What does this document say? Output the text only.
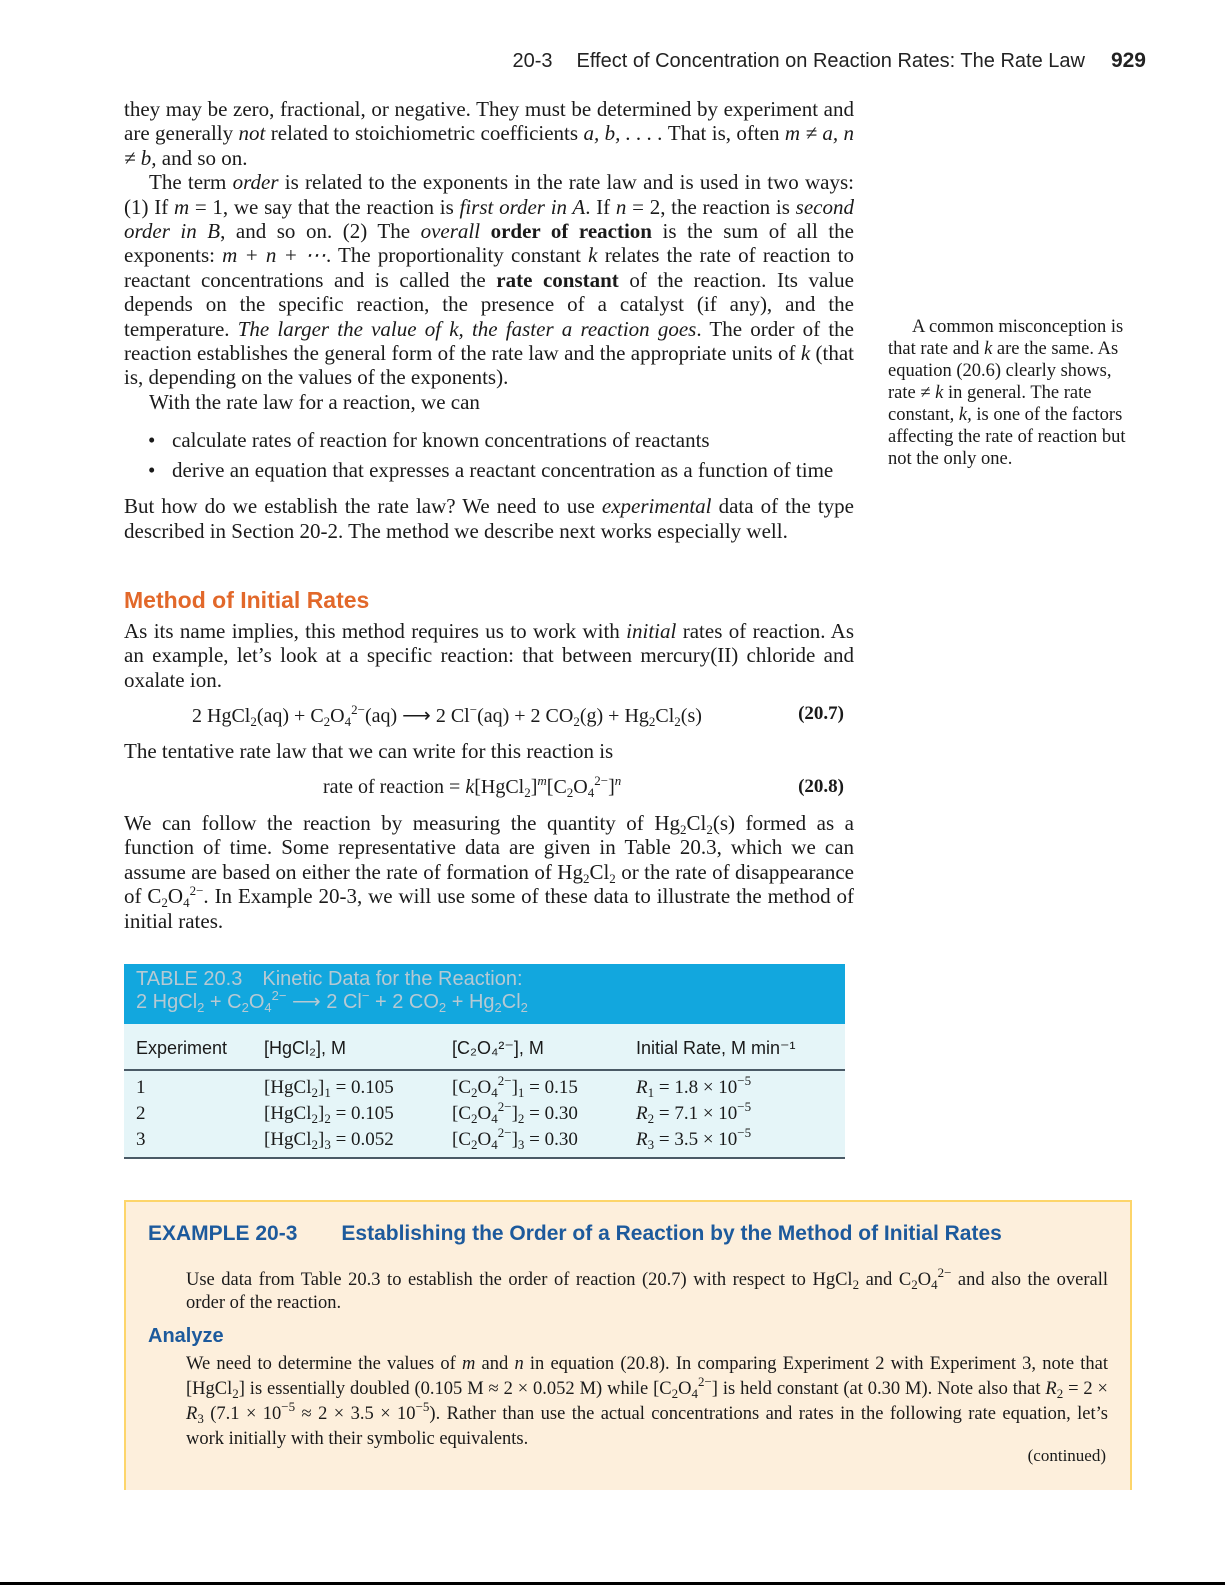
20-3 Effect of Concentration on Reaction Rates: The Rate Law 929

they may be zero, fractional, or negative. They must be determined by experiment and are generally not related to stoichiometric coefficients a, b, . . . . That is, often m ≠ a, n ≠ b, and so on.

The term order is related to the exponents in the rate law and is used in two ways: (1) If m = 1, we say that the reaction is first order in A. If n = 2, the reaction is second order in B, and so on. (2) The overall order of reaction is the sum of all the exponents: m + n + ⋯. The proportionality constant k relates the rate of reaction to reactant concentrations and is called the rate constant of the reaction. Its value depends on the specific reaction, the presence of a catalyst (if any), and the temperature. The larger the value of k, the faster a reaction goes. The order of the reaction establishes the general form of the rate law and the appropriate units of k (that is, depending on the values of the exponents).

With the rate law for a reaction, we can

• calculate rates of reaction for known concentrations of reactants
• derive an equation that expresses a reactant concentration as a function of time

But how do we establish the rate law? We need to use experimental data of the type described in Section 20-2. The method we describe next works especially well.

A common misconception is that rate and k are the same. As equation (20.6) clearly shows, rate ≠ k in general. The rate constant, k, is one of the factors affecting the rate of reaction but not the only one.

Method of Initial Rates

As its name implies, this method requires us to work with initial rates of reaction. As an example, let’s look at a specific reaction: that between mercury(II) chloride and oxalate ion.

2 HgCl$_2$(aq) + $C_2O_4^{2-}(aq)$ ⟶ 2 Cl−(aq) + 2 $CO_2(g) + Hg_2Cl_2(s)$	(20.7)

The tentative rate law that we can write for this reaction is

rate of reaction = $k[HgCl_2]^m[C_2O_4^{2-}]^n$	(20.8)

We can follow the reaction by measuring the quantity of $Hg_2Cl_2(s)$ formed as a function of time. Some representative data are given in Table 20.3, which we can assume are based on either the rate of formation of $Hg_2Cl_2$ or the rate of disappearance of $C_2O_4^{2-}$. In Example 20-3, we will use some of these data to illustrate the method of initial rates.

TABLE 20.3 Kinetic Data for the Reaction:
2 HgCl$_2$ + $C_2O_4^{2-}$ ⟶ 2 Cl− + 2 $CO_2 + Hg_2Cl_2$
Experiment	[HgCl₂], M	[C₂O₄²⁻], M	Initial Rate, M min⁻¹
1	$[HgCl_2]_1 = 0.105$	$[C_2O_4^{2-}]_1 = 0.15$	$R_1 = 1.8 \times 10^{-5}$
2	$[HgCl_2]_2 = 0.105$	$[C_2O_4^{2-}]_2 = 0.30$	$R_2 = 7.1 \times 10^{-5}$
3	$[HgCl_2]_3 = 0.052$	$[C_2O_4^{2-}]_3 = 0.30$	$R_3 = 3.5 \times 10^{-5}$
EXAMPLE 20-3 Establishing the Order of a Reaction by the Method of Initial Rates
Use data from Table 20.3 to establish the order of reaction (20.7) with respect to HgCl$_2$ and $C_2O_4^{2-}$ and also the overall order of the reaction.
Analyze
We need to determine the values of m and n in equation (20.8). In comparing Experiment 2 with Experiment 3, note that [HgCl$_2$] is essentially doubled (0.105 M ≈ 2 × 0.052 M) while $[C_2O_4^{2-}]$ is held constant (at 0.30 M). Note also that $R_2 = 2 \times R_3$ $(7.1 \times 10^{-5} \approx 2 \times 3.5 \times 10^{-5})$. Rather than use the actual concentrations and rates in the following rate equation, let’s work initially with their symbolic equivalents.
(continued)
